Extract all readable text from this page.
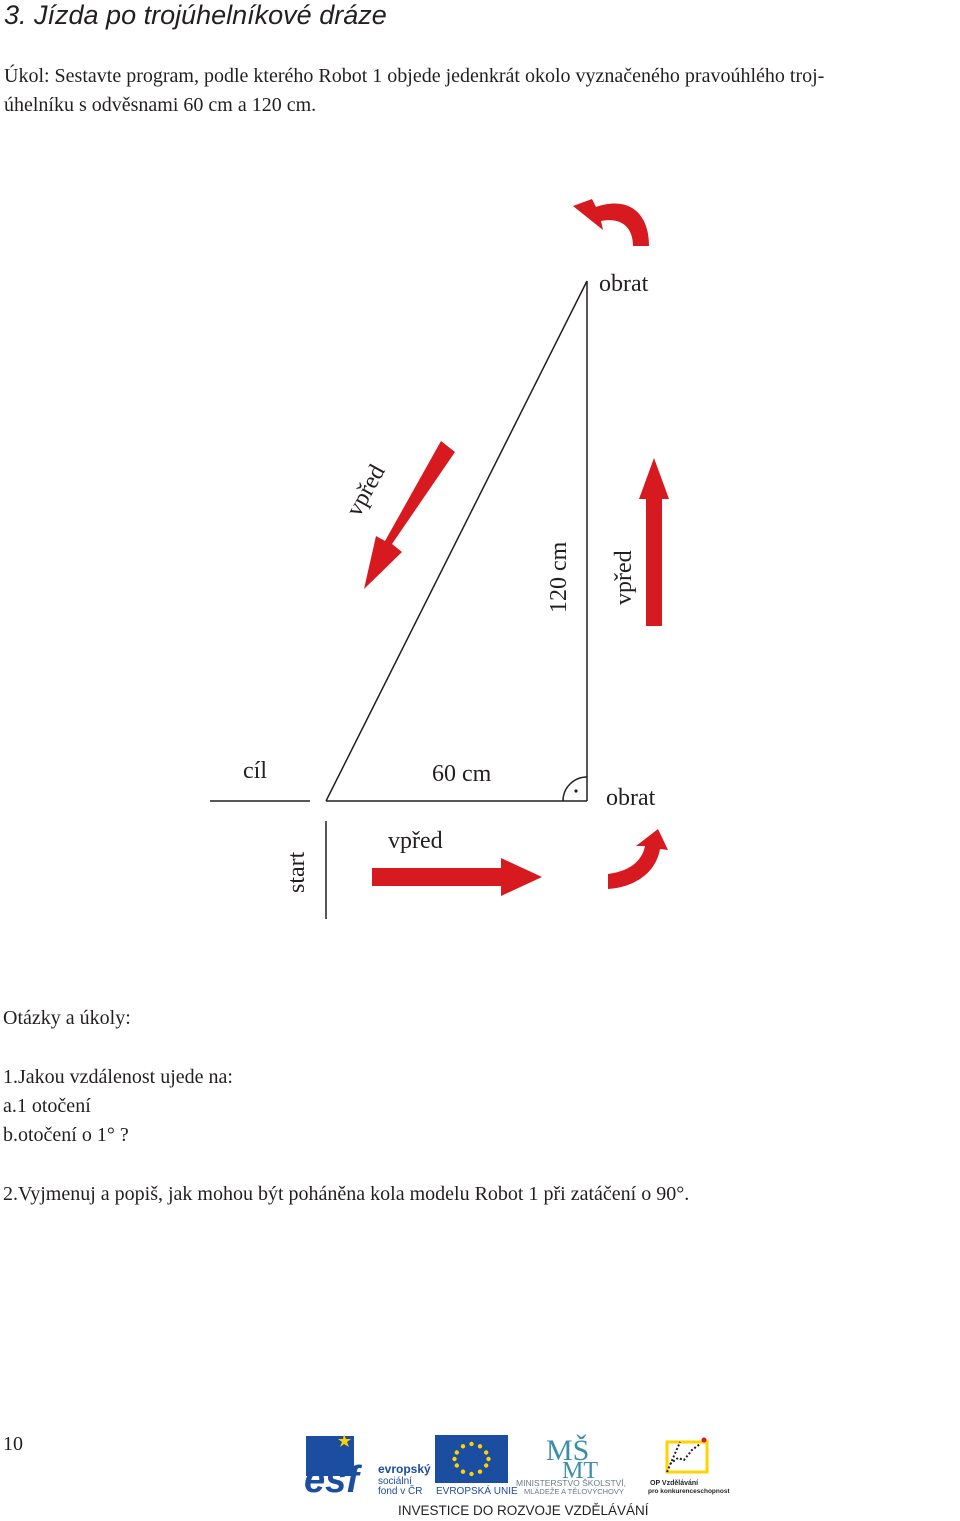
3. Jízda po trojúhelníkové dráze

Úkol: Sestavte program, podle kterého Robot 1 objede jedenkrát okolo vyznačeného pravoúhlého troj-
úhelníku s odvěsnami 60 cm a 120 cm.

obrat
vpřed
120 cm vpřed
cíl	60 cm
obrat
start
vpřed

Otázky a úkoly:

1.Jakou vzdálenost ujede na:

a.1 otočení

b.otočení o 1° ?

2.Vyjmenuj a popiš, jak mohou být poháněna kola modelu Robot 1 při zatáčení o 90°.

10
esf evropský
sociální
fond v ČR EVROPSKÁ UNIE
MŠ
MT
MINISTERSTVO ŠKOLSTVÍ,
MLÁDEŽE A TĚLOVÝCHOVY
OP Vzdělávání
pro konkurenceschopnost
INVESTICE DO ROZVOJE VZDĚLÁVÁNÍ
